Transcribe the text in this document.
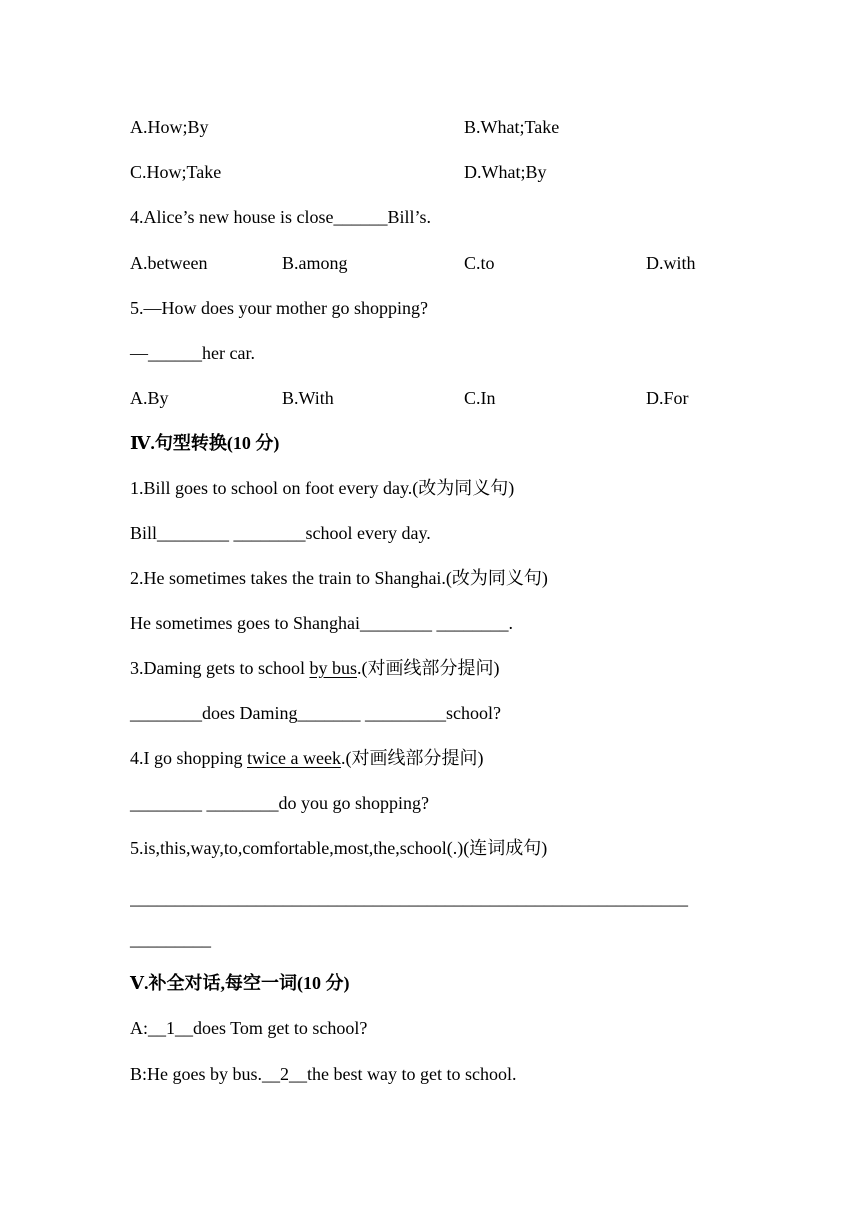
A.How;By	B.What;Take
C.How;Take	D.What;By
4.Alice’s new house is close______Bill’s.
A.between	B.among	C.to	D.with
5.—How does your mother go shopping?
—______her car.
A.By	B.With	C.In	D.For
Ⅳ.句型转换(10 分)
1.Bill goes to school on foot every day.(改为同义句)
Bill________ ________school every day.
2.He sometimes takes the train to Shanghai.(改为同义句)
He sometimes goes to Shanghai________ ________.
3.Daming gets to school by bus.(对画线部分提问)
________does Daming_______ _________school?
4.I go shopping twice a week.(对画线部分提问)
________ ________do you go shopping?
5.is,this,way,to,comfortable,most,the,school(.)(连词成句)
______________________________________________________________
_________
Ⅴ.补全对话,每空一词(10 分)
A:__1__does Tom get to school?
B:He goes by bus.__2__the best way to get to school.
